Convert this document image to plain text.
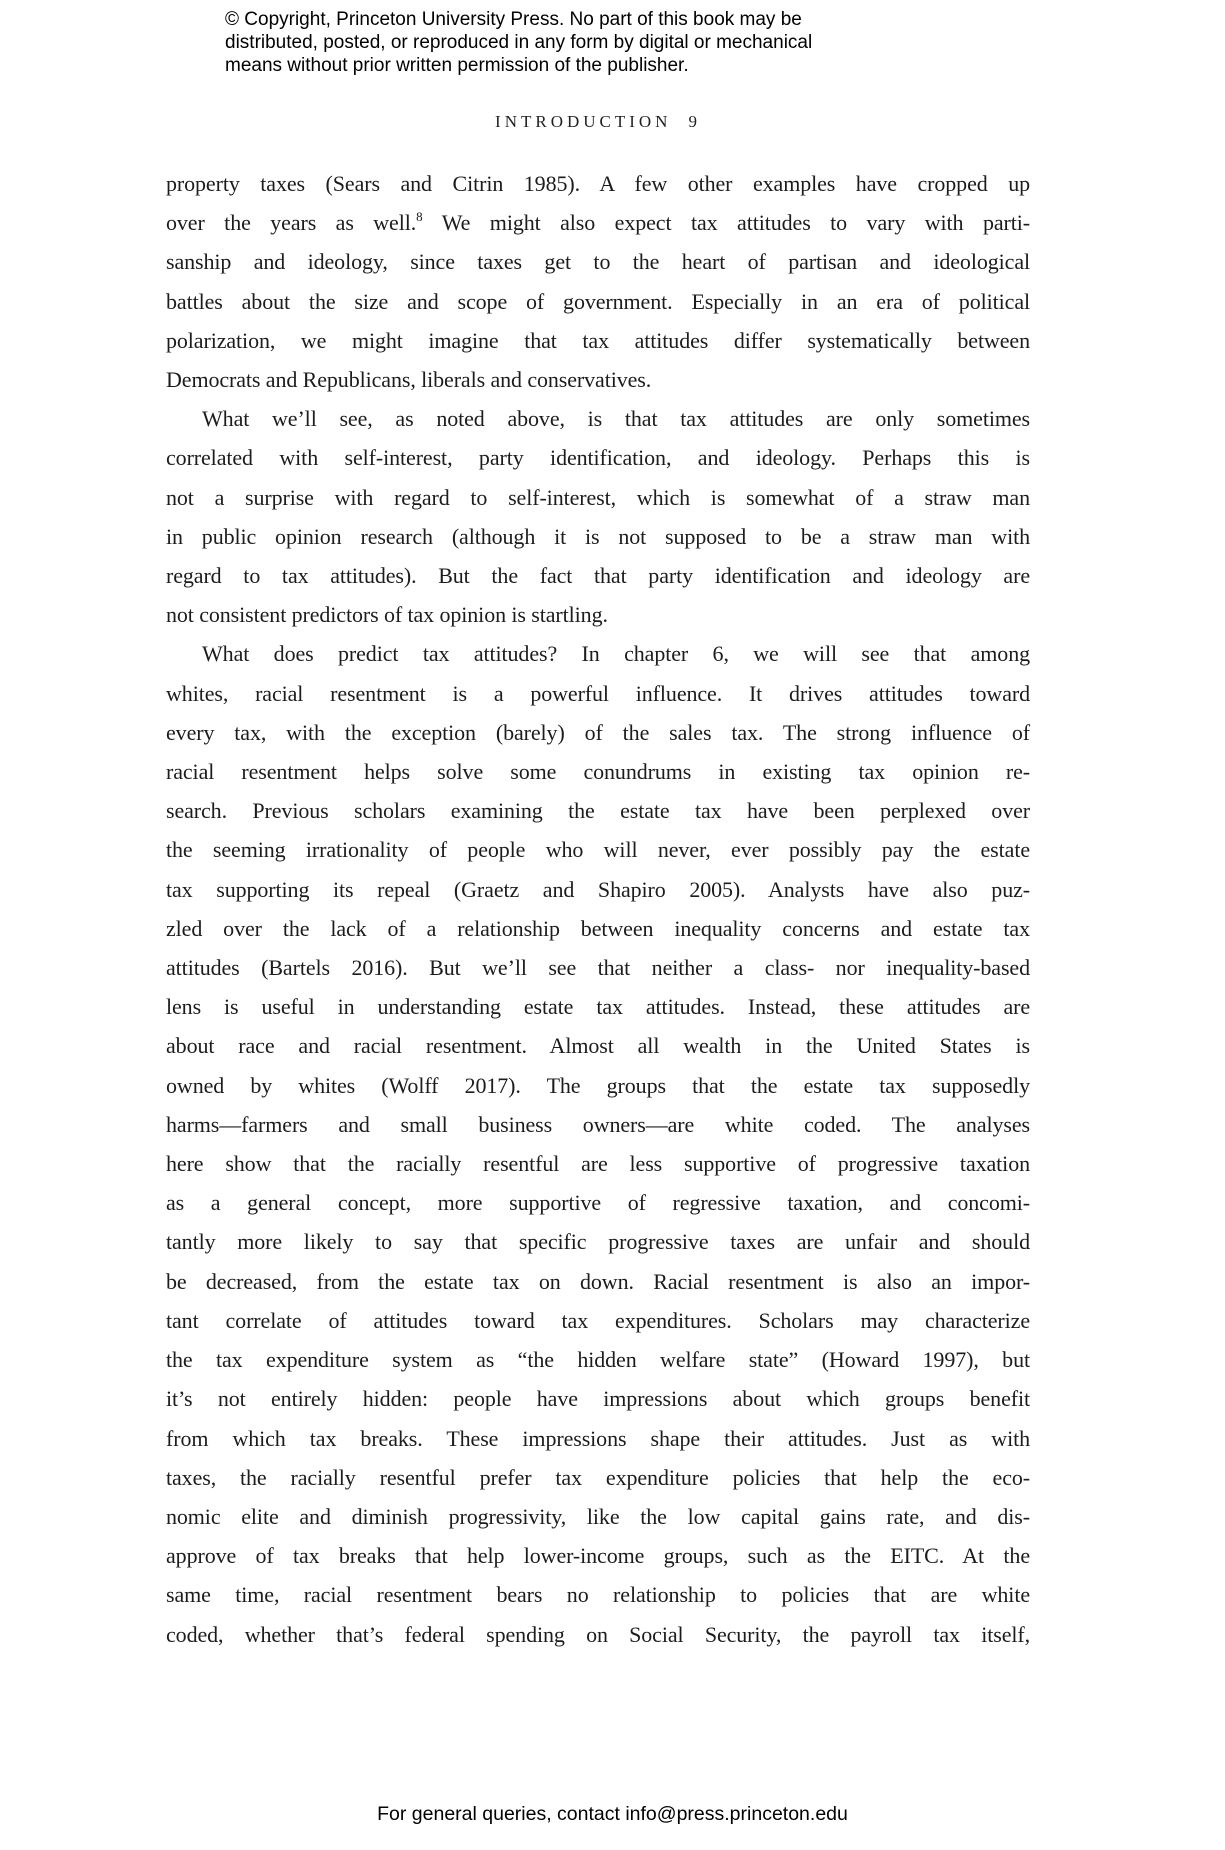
© Copyright, Princeton University Press. No part of this book may be
distributed, posted, or reproduced in any form by digital or mechanical
means without prior written permission of the publisher.
INTRODUCTION 9
property taxes (Sears and Citrin 1985). A few other examples have cropped up
over the years as well.$^8$ We might also expect tax attitudes to vary with parti-
sanship and ideology, since taxes get to the heart of partisan and ideological
battles about the size and scope of government. Especially in an era of political
polarization, we might imagine that tax attitudes differ systematically between
Democrats and Republicans, liberals and conservatives.
What we’ll see, as noted above, is that tax attitudes are only sometimes
correlated with self-interest, party identification, and ideology. Perhaps this is
not a surprise with regard to self-interest, which is somewhat of a straw man
in public opinion research (although it is not supposed to be a straw man with
regard to tax attitudes). But the fact that party identification and ideology are
not consistent predictors of tax opinion is startling.
What does predict tax attitudes? In chapter 6, we will see that among
whites, racial resentment is a powerful influence. It drives attitudes toward
every tax, with the exception (barely) of the sales tax. The strong influence of
racial resentment helps solve some conundrums in existing tax opinion re-
search. Previous scholars examining the estate tax have been perplexed over
the seeming irrationality of people who will never, ever possibly pay the estate
tax supporting its repeal (Graetz and Shapiro 2005). Analysts have also puz-
zled over the lack of a relationship between inequality concerns and estate tax
attitudes (Bartels 2016). But we’ll see that neither a class- nor inequality-based
lens is useful in understanding estate tax attitudes. Instead, these attitudes are
about race and racial resentment. Almost all wealth in the United States is
owned by whites (Wolff 2017). The groups that the estate tax supposedly
harms—farmers and small business owners—are white coded. The analyses
here show that the racially resentful are less supportive of progressive taxation
as a general concept, more supportive of regressive taxation, and concomi-
tantly more likely to say that specific progressive taxes are unfair and should
be decreased, from the estate tax on down. Racial resentment is also an impor-
tant correlate of attitudes toward tax expenditures. Scholars may characterize
the tax expenditure system as “the hidden welfare state” (Howard 1997), but
it’s not entirely hidden: people have impressions about which groups benefit
from which tax breaks. These impressions shape their attitudes. Just as with
taxes, the racially resentful prefer tax expenditure policies that help the eco-
nomic elite and diminish progressivity, like the low capital gains rate, and dis-
approve of tax breaks that help lower-income groups, such as the EITC. At the
same time, racial resentment bears no relationship to policies that are white
coded, whether that’s federal spending on Social Security, the payroll tax itself,
For general queries, contact info@press.princeton.edu
